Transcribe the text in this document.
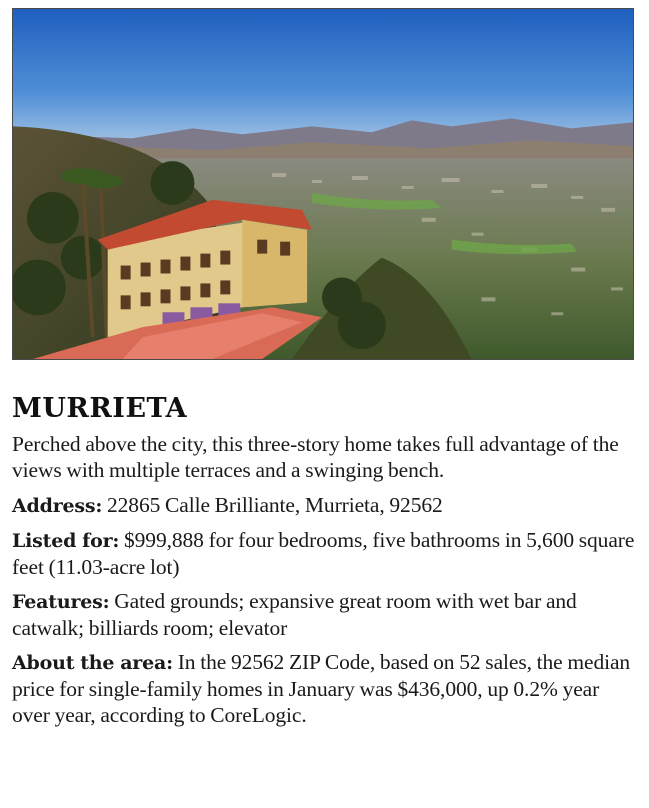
MURRIETA

Perched above the city, this three-story home takes full advantage of the views with multiple terraces and a swinging bench.

Address: 22865 Calle Brilliante, Murrieta, 92562

Listed for: $999,888 for four bedrooms, five bathrooms in 5,600 square feet (11.03-acre lot)

Features: Gated grounds; expansive great room with wet bar and catwalk; billiards room; elevator

About the area: In the 92562 ZIP Code, based on 52 sales, the median price for single-family homes in January was $436,000, up 0.2% year over year, according to CoreLogic.
